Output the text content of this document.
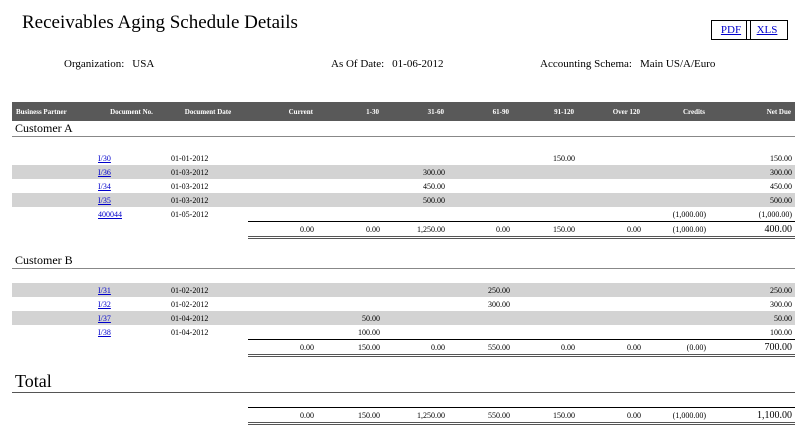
Receivables Aging Schedule Details	PDF	XLS
Organization: USA	As Of Date: 01-06-2012	Accounting Schema: Main US/A/Euro
Business Partner	Document No.	Document Date	Current	1-30	31-60	61-90	91-120	Over 120	Credits	Net Due
Customer A										

	I/30	01-01-2012					150.00			150.00
	I/36	01-03-2012			300.00					300.00
	I/34	01-03-2012			450.00					450.00
	I/35	01-03-2012			500.00					500.00
	400044	01-05-2012							(1,000.00)	(1,000.00)
			0.00	0.00	1,250.00	0.00	150.00	0.00	(1,000.00)	400.00

Customer B										

	I/31	01-02-2012				250.00				250.00
	I/32	01-02-2012				300.00				300.00
	I/37	01-04-2012		50.00						50.00
	I/38	01-04-2012		100.00						100.00
			0.00	150.00	0.00	550.00	0.00	0.00	(0.00)	700.00

Total										

			0.00	150.00	1,250.00	550.00	150.00	0.00	(1,000.00)	1,100.00
